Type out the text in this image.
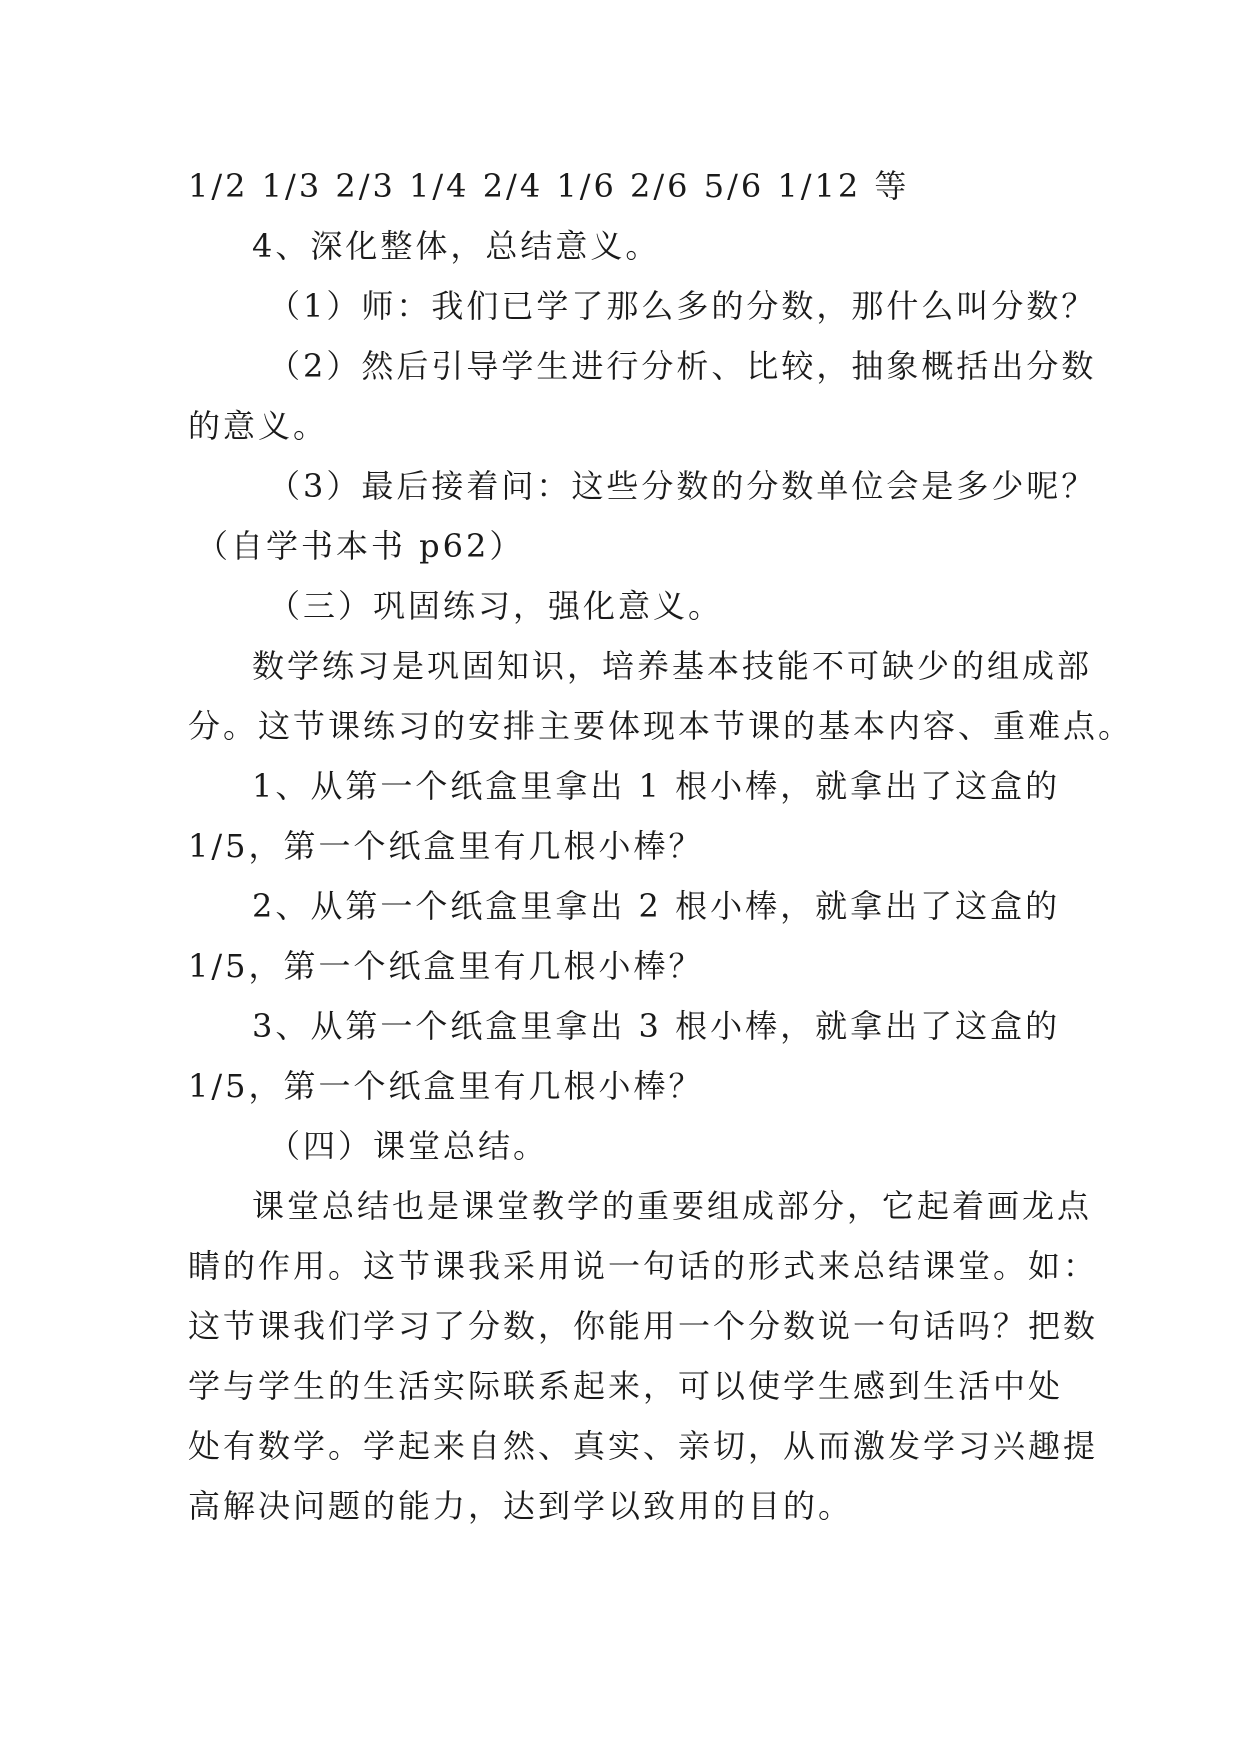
1/2 1/3 2/3 1/4 2/4 1/6 2/6 5/6 1/12 等
4、深化整体，总结意义。
（1）师：我们已学了那么多的分数，那什么叫分数？
（2）然后引导学生进行分析、比较，抽象概括出分数
的意义。
（3）最后接着问：这些分数的分数单位会是多少呢？
（自学书本书 p62）
（三）巩固练习，强化意义。
数学练习是巩固知识，培养基本技能不可缺少的组成部
分。这节课练习的安排主要体现本节课的基本内容、重难点。
1、从第一个纸盒里拿出 1 根小棒，就拿出了这盒的
1/5，第一个纸盒里有几根小棒？
2、从第一个纸盒里拿出 2 根小棒，就拿出了这盒的
1/5，第一个纸盒里有几根小棒？
3、从第一个纸盒里拿出 3 根小棒，就拿出了这盒的
1/5，第一个纸盒里有几根小棒？
（四）课堂总结。
课堂总结也是课堂教学的重要组成部分，它起着画龙点
睛的作用。这节课我采用说一句话的形式来总结课堂。如：
这节课我们学习了分数，你能用一个分数说一句话吗？把数
学与学生的生活实际联系起来，可以使学生感到生活中处
处有数学。学起来自然、真实、亲切，从而激发学习兴趣提
高解决问题的能力，达到学以致用的目的。
